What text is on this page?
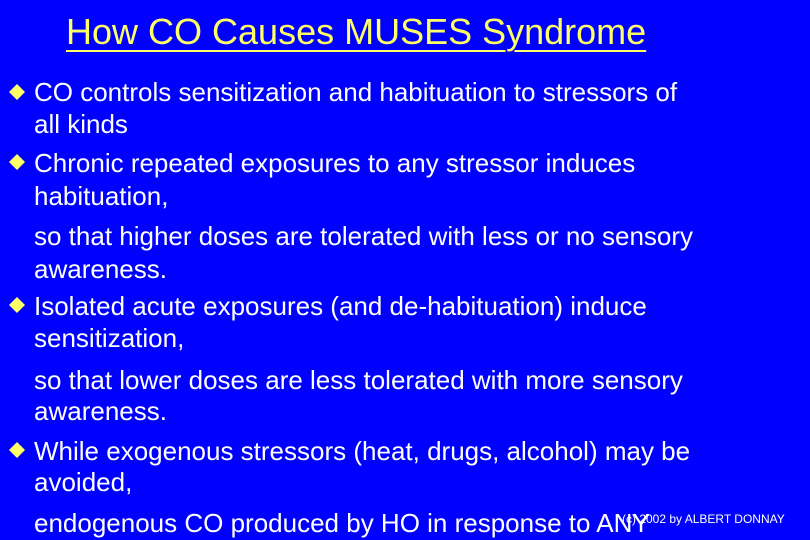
How CO Causes MUSES Syndrome
CO controls sensitization and habituation to stressors of
all kinds
Chronic repeated exposures to any stressor induces
habituation,
so that higher doses are tolerated with less or no sensory
awareness.
Isolated acute exposures (and de-habituation) induce
sensitization,
so that lower doses are less tolerated with more sensory
awareness.
While exogenous stressors (heat, drugs, alcohol) may be
avoided,
endogenous CO produced by HO in response to ANY
(c) 2002 by ALBERT DONNAY
